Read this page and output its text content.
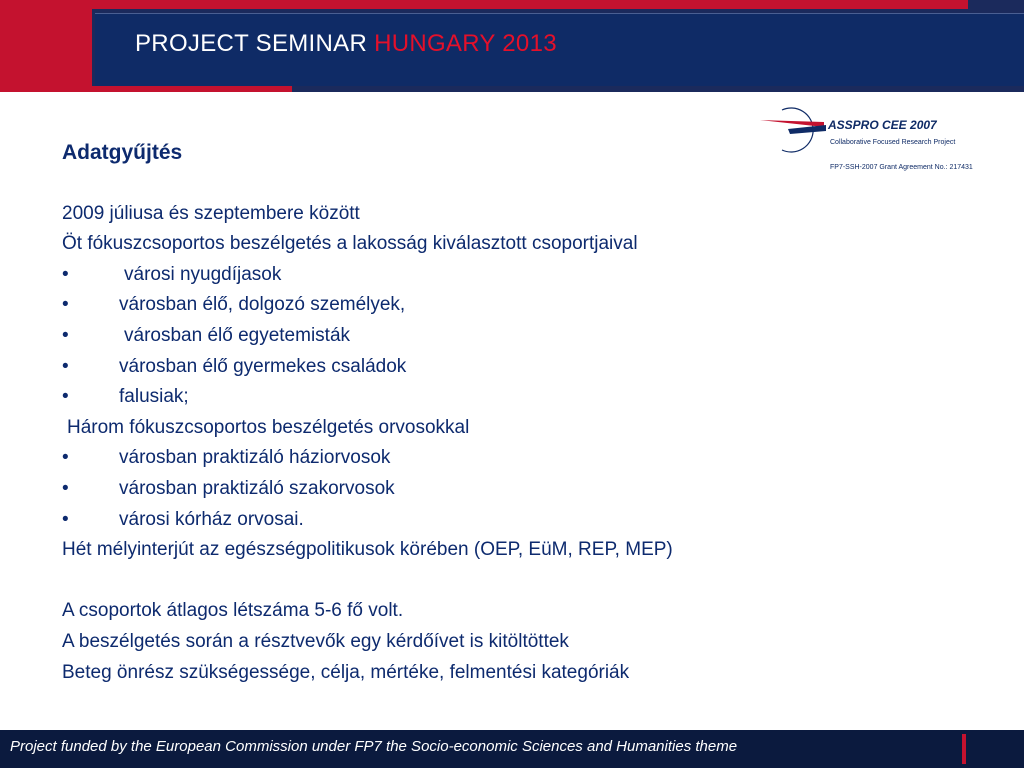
PROJECT SEMINAR HUNGARY 2013
ASSPRO CEE 2007
Collaborative Focused Research Project
FP7-SSH-2007 Grant Agreement No.: 217431
Adatgyűjtés
2009 júliusa és szeptembere között
Öt fókuszcsoportos beszélgetés a lakosság kiválasztott csoportjaival
•	városi nyugdíjasok
•	városban élő, dolgozó személyek,
•	városban élő egyetemisták
•	városban élő gyermekes családok
•	falusiak;
Három fókuszcsoportos beszélgetés orvosokkal
•	városban praktizáló háziorvosok
•	városban praktizáló szakorvosok
•	városi kórház orvosai.
Hét mélyinterjút az egészségpolitikusok körében (OEP, EüM, REP, MEP)
A csoportok átlagos létszáma 5-6 fő volt.
A beszélgetés során a résztvevők egy kérdőívet is kitöltöttek
Beteg önrész szükségessége, célja, mértéke, felmentési kategóriák
Project funded by the European Commission under FP7 the Socio-economic Sciences and Humanities theme
